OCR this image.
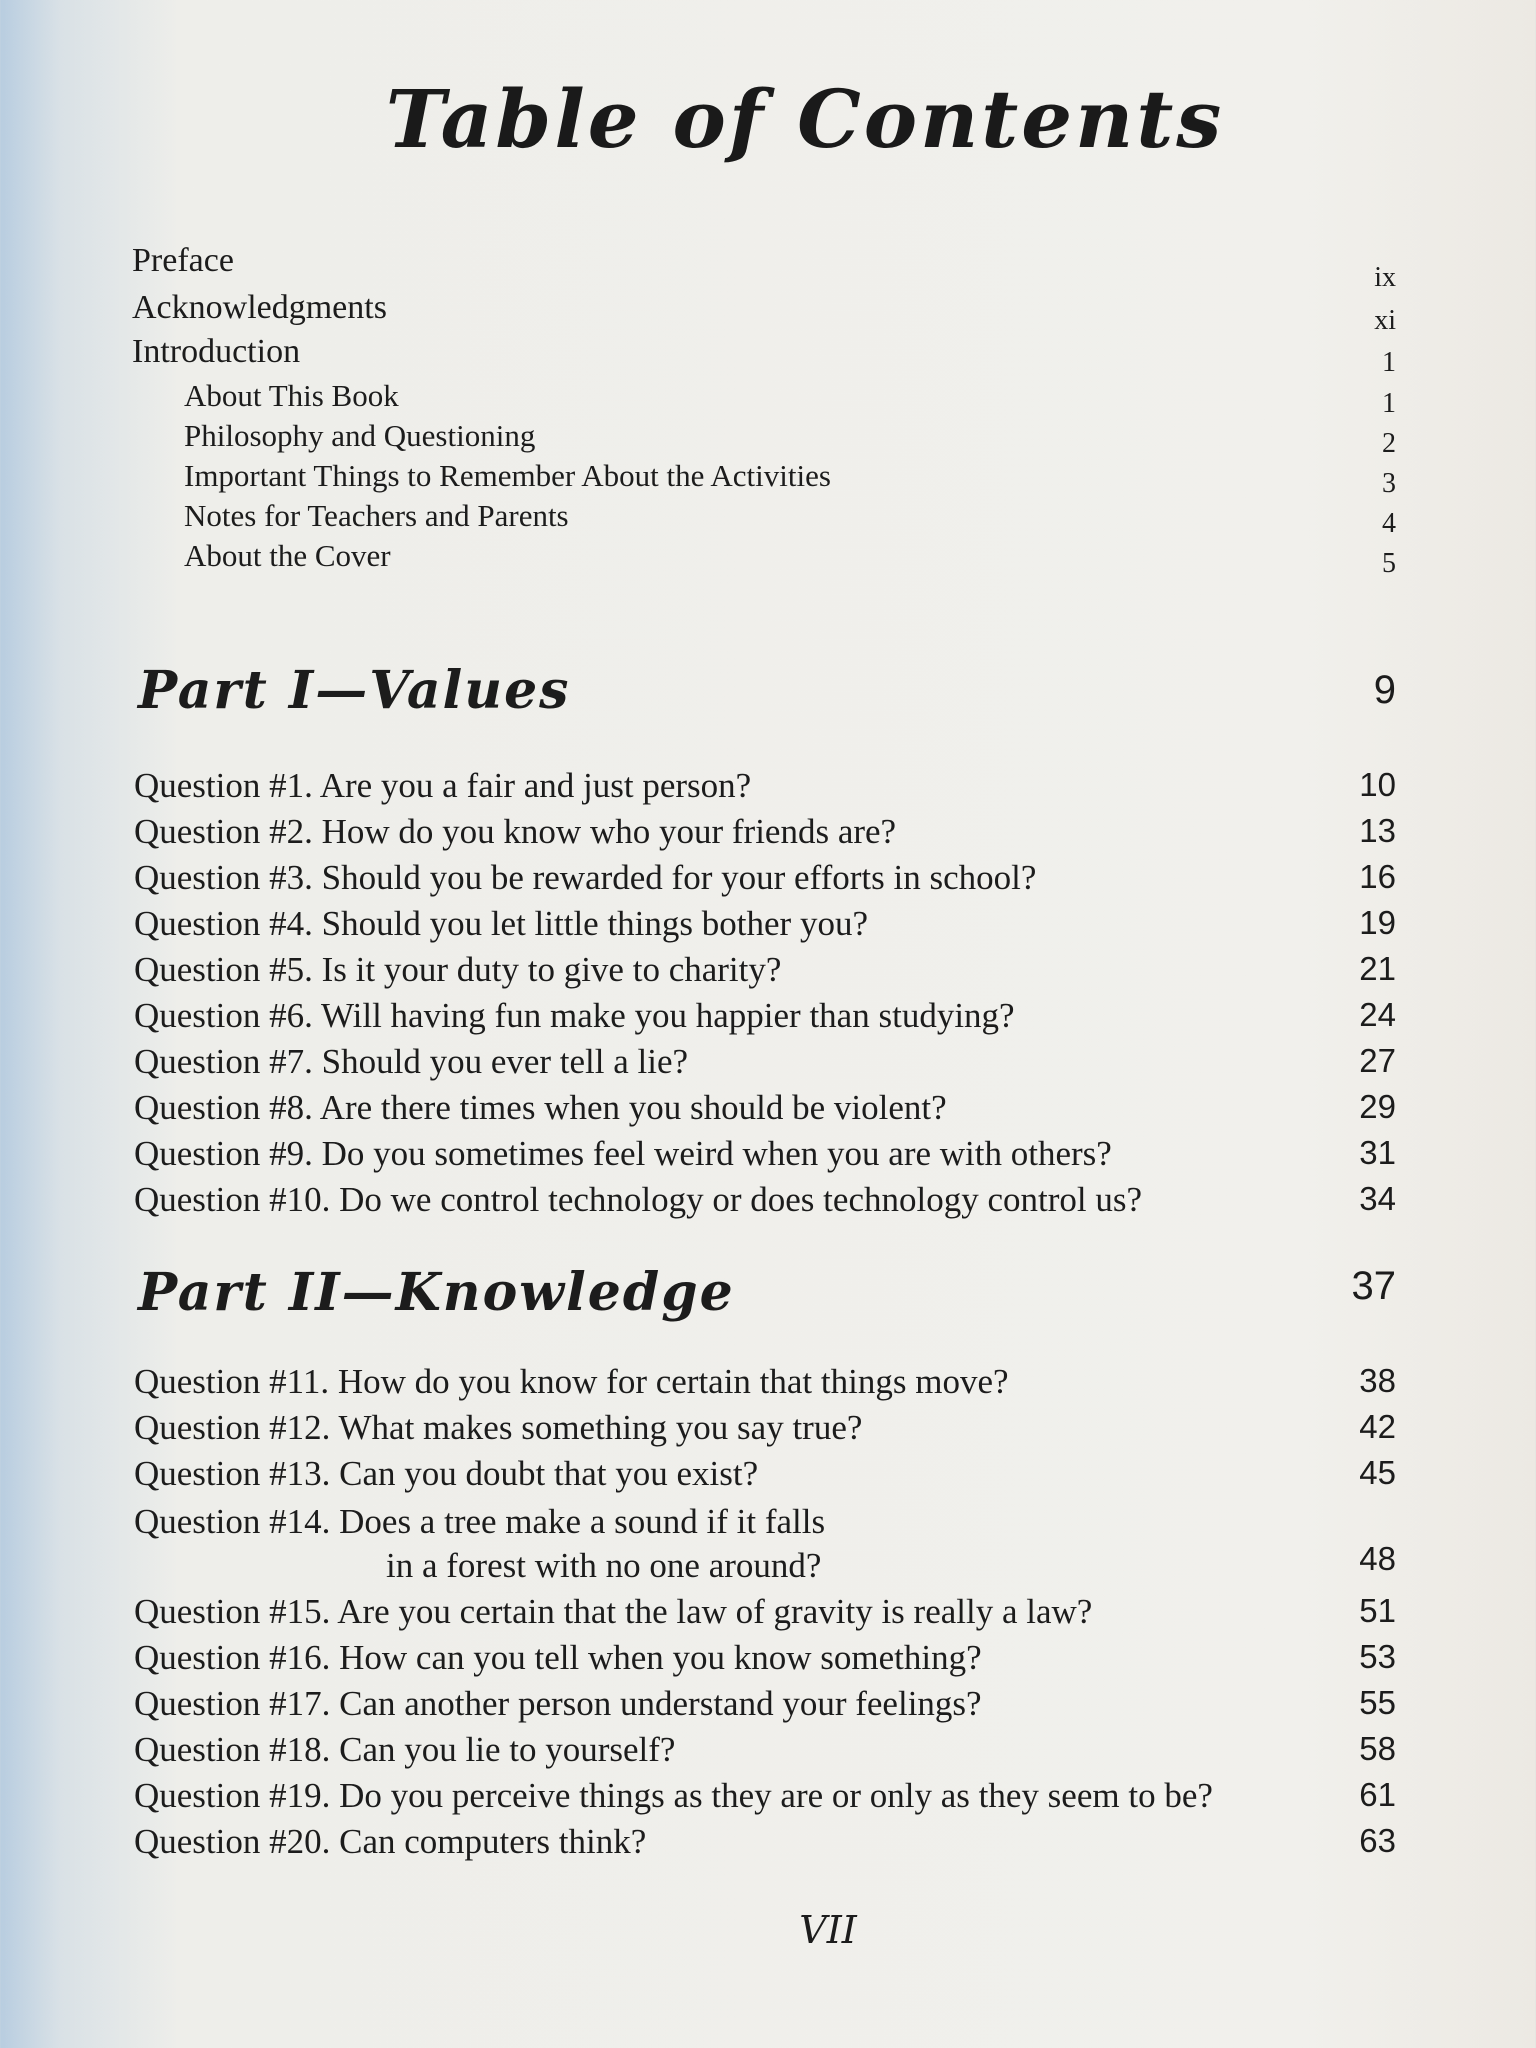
Table of Contents
Preface	ix
Acknowledgments	xi
Introduction	1
About This Book	1
Philosophy and Questioning	2
Important Things to Remember About the Activities	3
Notes for Teachers and Parents	4
About the Cover	5
Part I—Values	9
Question #1. Are you a fair and just person?	10
Question #2. How do you know who your friends are?	13
Question #3. Should you be rewarded for your efforts in school?	16
Question #4. Should you let little things bother you?	19
Question #5. Is it your duty to give to charity?	21
Question #6. Will having fun make you happier than studying?	24
Question #7. Should you ever tell a lie?	27
Question #8. Are there times when you should be violent?	29
Question #9. Do you sometimes feel weird when you are with others?	31
Question #10. Do we control technology or does technology control us?	34
Part II—Knowledge	37
Question #11. How do you know for certain that things move?	38
Question #12. What makes something you say true?	42
Question #13. Can you doubt that you exist?	45
Question #14. Does a tree make a sound if it falls
in a forest with no one around?	48
Question #15. Are you certain that the law of gravity is really a law?	51
Question #16. How can you tell when you know something?	53
Question #17. Can another person understand your feelings?	55
Question #18. Can you lie to yourself?	58
Question #19. Do you perceive things as they are or only as they seem to be?	61
Question #20. Can computers think?	63
VII
